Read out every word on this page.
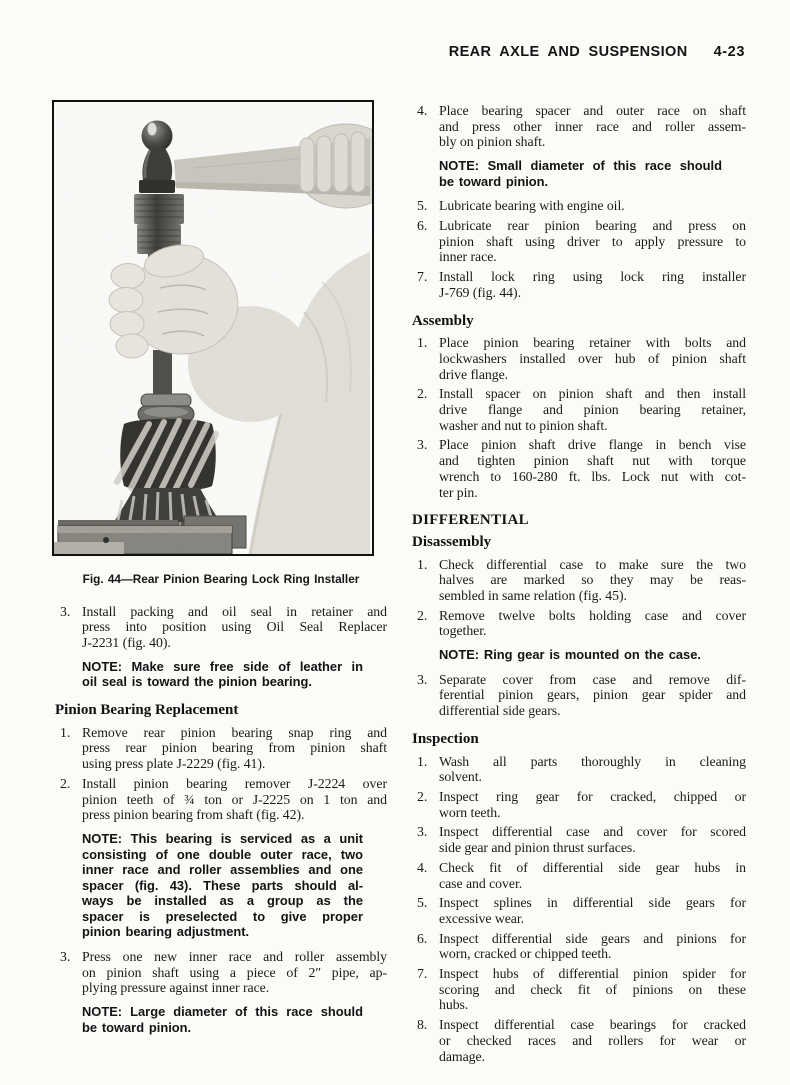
REAR AXLE AND SUSPENSION 4-23
Fig. 44—Rear Pinion Bearing Lock Ring Installer
3. Install packing and oil seal in retainer and
press into position using Oil Seal Replacer
J-2231 (fig. 40).
NOTE: Make sure free side of leather in
oil seal is toward the pinion bearing.
Pinion Bearing Replacement
1. Remove rear pinion bearing snap ring and
press rear pinion bearing from pinion shaft
using press plate J-2229 (fig. 41).
2. Install pinion bearing remover J-2224 over
pinion teeth of ¾ ton or J-2225 on 1 ton and
press pinion bearing from shaft (fig. 42).
NOTE: This bearing is serviced as a unit
consisting of one double outer race, two
inner race and roller assemblies and one
spacer (fig. 43). These parts should al-
ways be installed as a group as the
spacer is preselected to give proper
pinion bearing adjustment.
3. Press one new inner race and roller assembly
on pinion shaft using a piece of 2″ pipe, ap-
plying pressure against inner race.
NOTE: Large diameter of this race should
be toward pinion.
4. Place bearing spacer and outer race on shaft
and press other inner race and roller assem-
bly on pinion shaft.
NOTE: Small diameter of this race should
be toward pinion.
5. Lubricate bearing with engine oil.
6. Lubricate rear pinion bearing and press on
pinion shaft using driver to apply pressure to
inner race.
7. Install lock ring using lock ring installer
J-769 (fig. 44).
Assembly
1. Place pinion bearing retainer with bolts and
lockwashers installed over hub of pinion shaft
drive flange.
2. Install spacer on pinion shaft and then install
drive flange and pinion bearing retainer,
washer and nut to pinion shaft.
3. Place pinion shaft drive flange in bench vise
and tighten pinion shaft nut with torque
wrench to 160-280 ft. lbs. Lock nut with cot-
ter pin.
DIFFERENTIAL
Disassembly
1. Check differential case to make sure the two
halves are marked so they may be reas-
sembled in same relation (fig. 45).
2. Remove twelve bolts holding case and cover
together.
NOTE: Ring gear is mounted on the case.
3. Separate cover from case and remove dif-
ferential pinion gears, pinion gear spider and
differential side gears.
Inspection
1. Wash all parts thoroughly in cleaning
solvent.
2. Inspect ring gear for cracked, chipped or
worn teeth.
3. Inspect differential case and cover for scored
side gear and pinion thrust surfaces.
4. Check fit of differential side gear hubs in
case and cover.
5. Inspect splines in differential side gears for
excessive wear.
6. Inspect differential side gears and pinions for
worn, cracked or chipped teeth.
7. Inspect hubs of differential pinion spider for
scoring and check fit of pinions on these
hubs.
8. Inspect differential case bearings for cracked
or checked races and rollers for wear or
damage.
